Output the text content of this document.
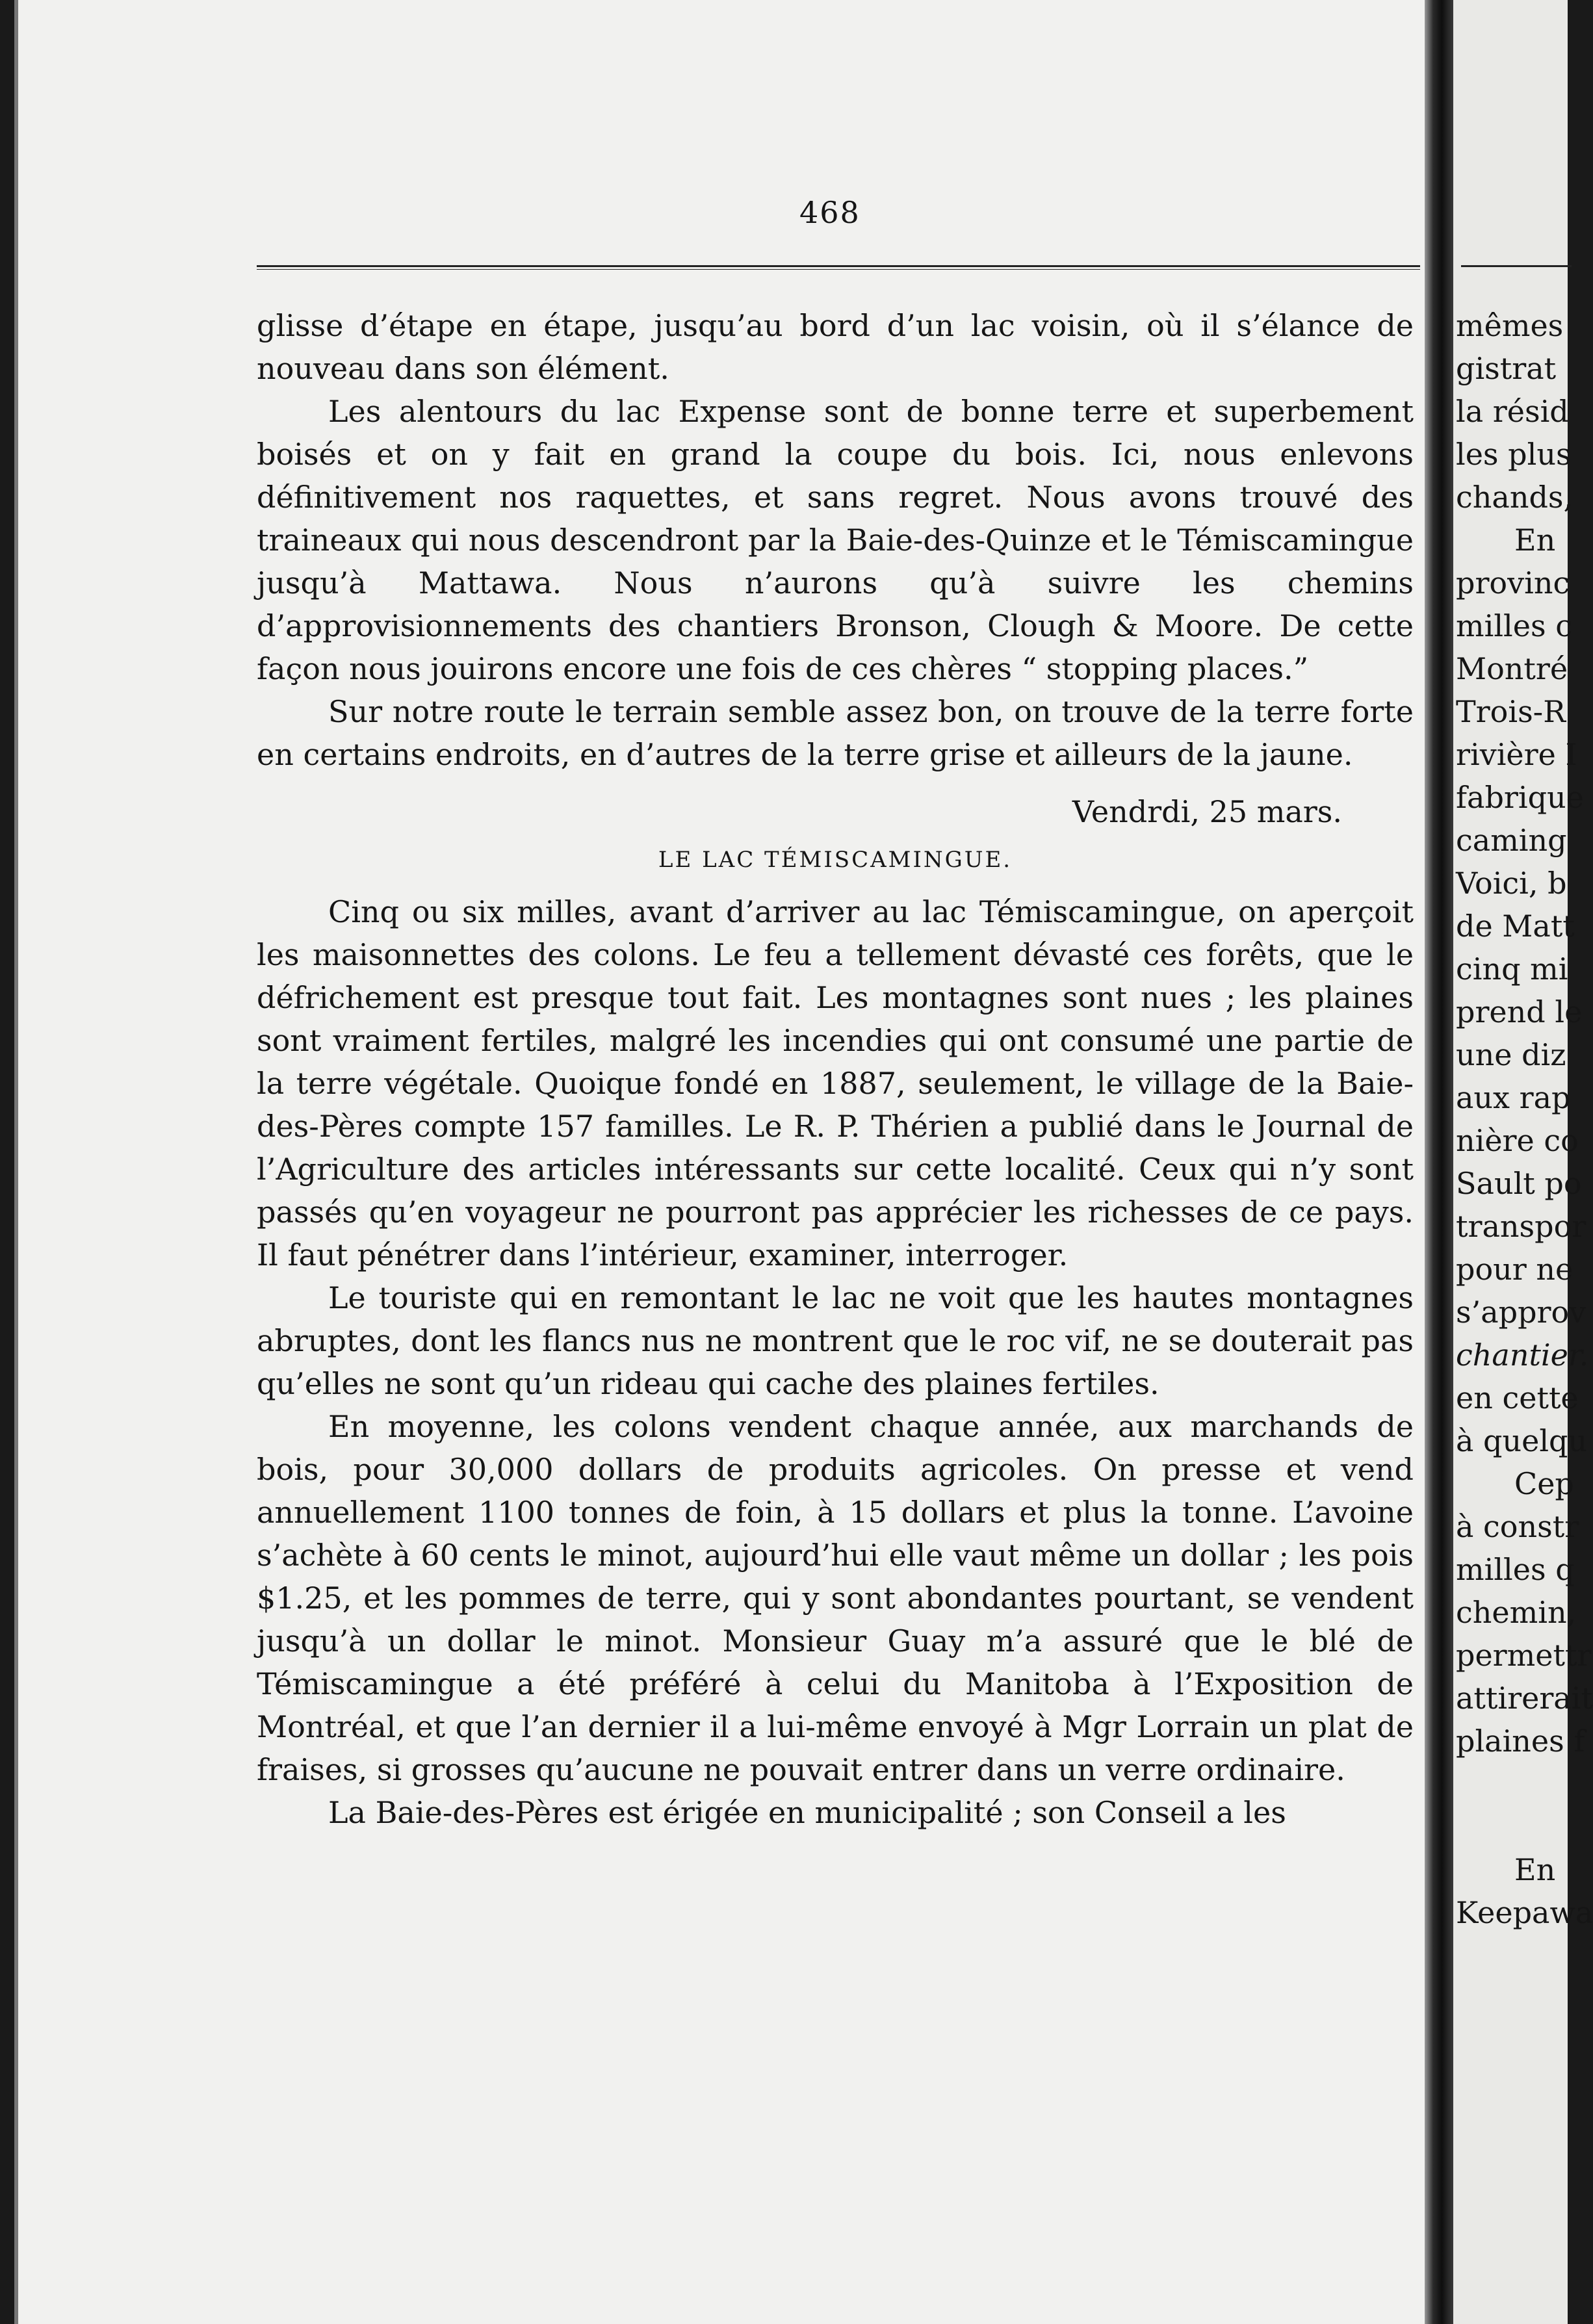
468

glisse d’étape en étape, jusqu’au bord d’un lac voisin, où il s’élance de nouveau dans son élément.

Les alentours du lac Expense sont de bonne terre et superbement boisés et on y fait en grand la coupe du bois. Ici, nous enlevons définitivement nos raquettes, et sans regret. Nous avons trouvé des traineaux qui nous descendront par la Baie-des-Quinze et le Témiscamingue jusqu’à Mattawa. Nous n’aurons qu’à suivre les chemins d’approvisionnements des chantiers Bronson, Clough & Moore. De cette façon nous jouirons encore une fois de ces chères “ stopping places.”

Sur notre route le terrain semble assez bon, on trouve de la terre forte en certains endroits, en d’autres de la terre grise et ailleurs de la jaune.

Vendrdi, 25 mars.

LE LAC TÉMISCAMINGUE.

Cinq ou six milles, avant d’arriver au lac Témiscamingue, on aperçoit les maisonnettes des colons. Le feu a tellement dévasté ces forêts, que le défrichement est presque tout fait. Les montagnes sont nues ; les plaines sont vraiment fertiles, malgré les incendies qui ont consumé une partie de la terre végétale. Quoique fondé en 1887, seulement, le village de la Baie-des-Pères compte 157 familles. Le R. P. Thérien a publié dans le Journal de l’Agriculture des articles intéressants sur cette localité. Ceux qui n’y sont passés qu’en voyageur ne pourront pas apprécier les richesses de ce pays. Il faut pénétrer dans l’intérieur, examiner, interroger.

Le touriste qui en remontant le lac ne voit que les hautes montagnes abruptes, dont les flancs nus ne montrent que le roc vif, ne se douterait pas qu’elles ne sont qu’un rideau qui cache des plaines fertiles.

En moyenne, les colons vendent chaque année, aux marchands de bois, pour 30,000 dollars de produits agricoles. On presse et vend annuellement 1100 tonnes de foin, à 15 dollars et plus la tonne. L’avoine s’achète à 60 cents le minot, aujourd’hui elle vaut même un dollar ; les pois $1.25, et les pommes de terre, qui y sont abondantes pourtant, se vendent jusqu’à un dollar le minot. Monsieur Guay m’a assuré que le blé de Témiscamingue a été préféré à celui du Manitoba à l’Exposition de Montréal, et que l’an dernier il a lui-même envoyé à Mgr Lorrain un plat de fraises, si grosses qu’aucune ne pouvait entrer dans un verre ordinaire.

La Baie-des-Pères est érigée en municipalité ; son Conseil a les

mêmes
gistrat
la résid
les plus
chands,
En
provinc
milles c
Montré
Trois-R
rivière I
fabrique
caming
Voici, b
de Matt
cinq mi
prend le
une diz
aux rap
nière co
Sault po
transpor
pour ne
s’approv
chantier.
en cette
à quelqu
Cep
à constr
milles q
chemin,
permettr
attirerait
plaines f
En
Keepawa
